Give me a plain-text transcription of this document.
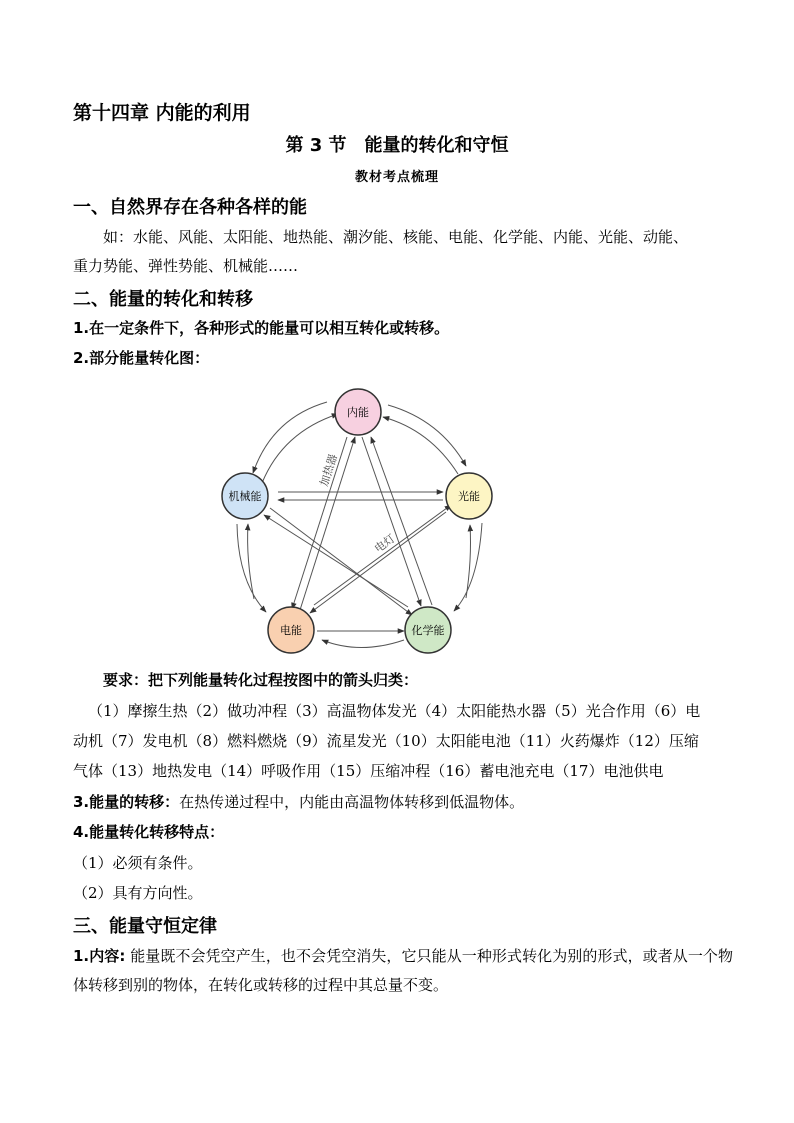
第十四章 内能的利用
第 3 节 能量的转化和守恒
教材考点梳理
一、自然界存在各种各样的能
如：水能、风能、太阳能、地热能、潮汐能、核能、电能、化学能、内能、光能、动能、
重力势能、弹性势能、机械能……
二、能量的转化和转移
1.在一定条件下，各种形式的能量可以相互转化或转移。
2.部分能量转化图：
内能
机械能	光能
电能	化学能
加热器
电灯
要求：把下列能量转化过程按图中的箭头归类：
（1）摩擦生热（2）做功冲程（3）高温物体发光（4）太阳能热水器（5）光合作用（6）电
动机（7）发电机（8）燃料燃烧（9）流星发光（10）太阳能电池（11）火药爆炸（12）压缩
气体（13）地热发电（14）呼吸作用（15）压缩冲程（16）蓄电池充电（17）电池供电
3.能量的转移：在热传递过程中，内能由高温物体转移到低温物体。
4.能量转化转移特点：
（1）必须有条件。
（2）具有方向性。
三、能量守恒定律
1.内容: 能量既不会凭空产生，也不会凭空消失，它只能从一种形式转化为别的形式，或者从一个物体转移到别的物体，在转化或转移的过程中其总量不变。
